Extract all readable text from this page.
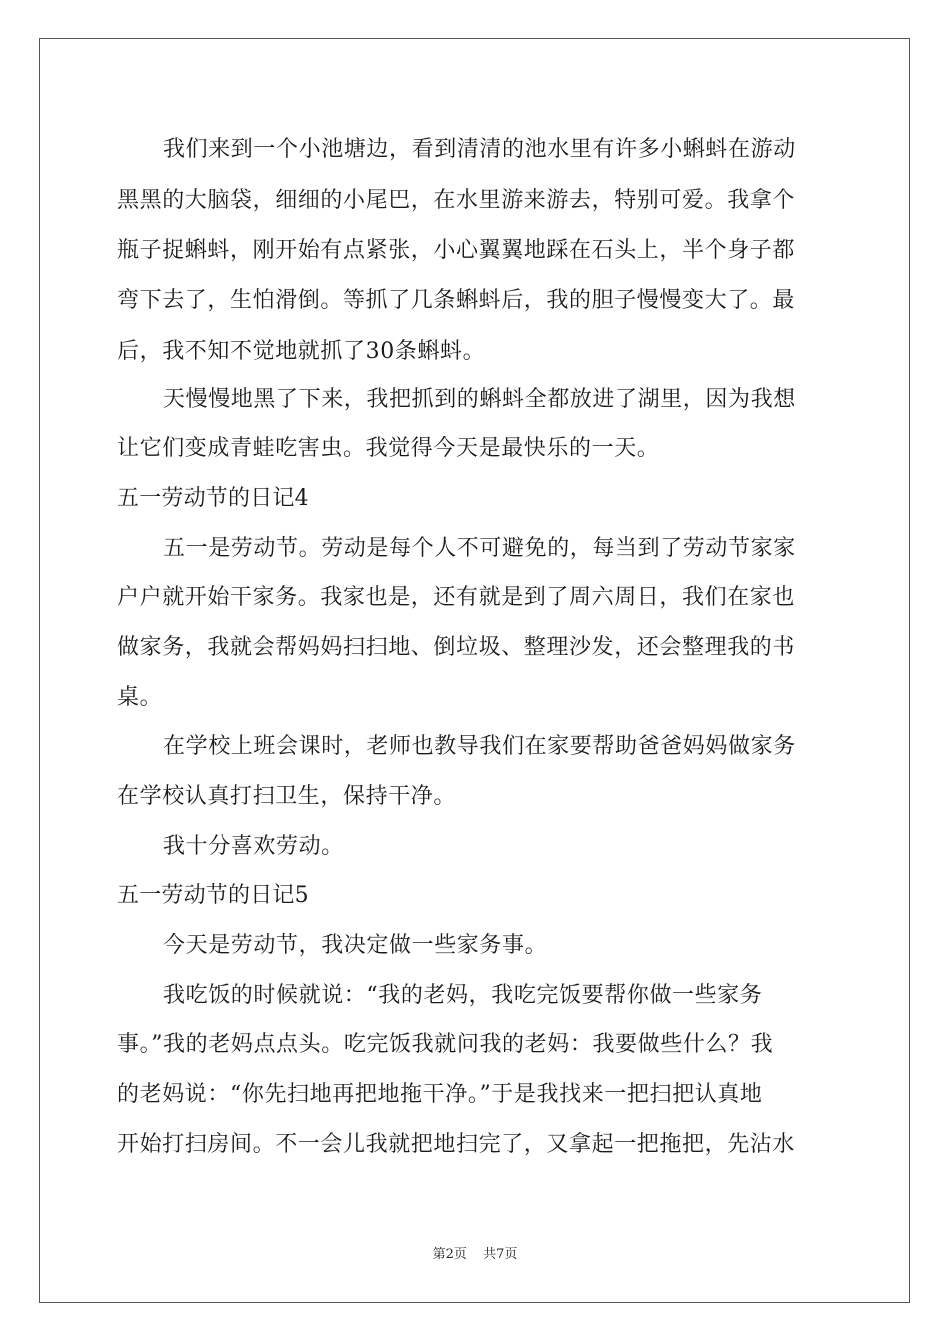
我们来到一个小池塘边，看到清清的池水里有许多小蝌蚪在游动
黑黑的大脑袋，细细的小尾巴，在水里游来游去，特别可爱。我拿个
瓶子捉蝌蚪，刚开始有点紧张，小心翼翼地踩在石头上，半个身子都
弯下去了，生怕滑倒。等抓了几条蝌蚪后，我的胆子慢慢变大了。最
后，我不知不觉地就抓了30条蝌蚪。
天慢慢地黑了下来，我把抓到的蝌蚪全都放进了湖里，因为我想
让它们变成青蛙吃害虫。我觉得今天是最快乐的一天。
五一劳动节的日记4
五一是劳动节。劳动是每个人不可避免的，每当到了劳动节家家
户户就开始干家务。我家也是，还有就是到了周六周日，我们在家也
做家务，我就会帮妈妈扫扫地、倒垃圾、整理沙发，还会整理我的书
桌。
在学校上班会课时，老师也教导我们在家要帮助爸爸妈妈做家务
在学校认真打扫卫生，保持干净。
我十分喜欢劳动。
五一劳动节的日记5
今天是劳动节，我决定做一些家务事。
我吃饭的时候就说：“我的老妈，我吃完饭要帮你做一些家务
事。”我的老妈点点头。吃完饭我就问我的老妈：我要做些什么？我
的老妈说：“你先扫地再把地拖干净。”于是我找来一把扫把认真地
开始打扫房间。不一会儿我就把地扫完了，又拿起一把拖把，先沾水
第2页 共7页
